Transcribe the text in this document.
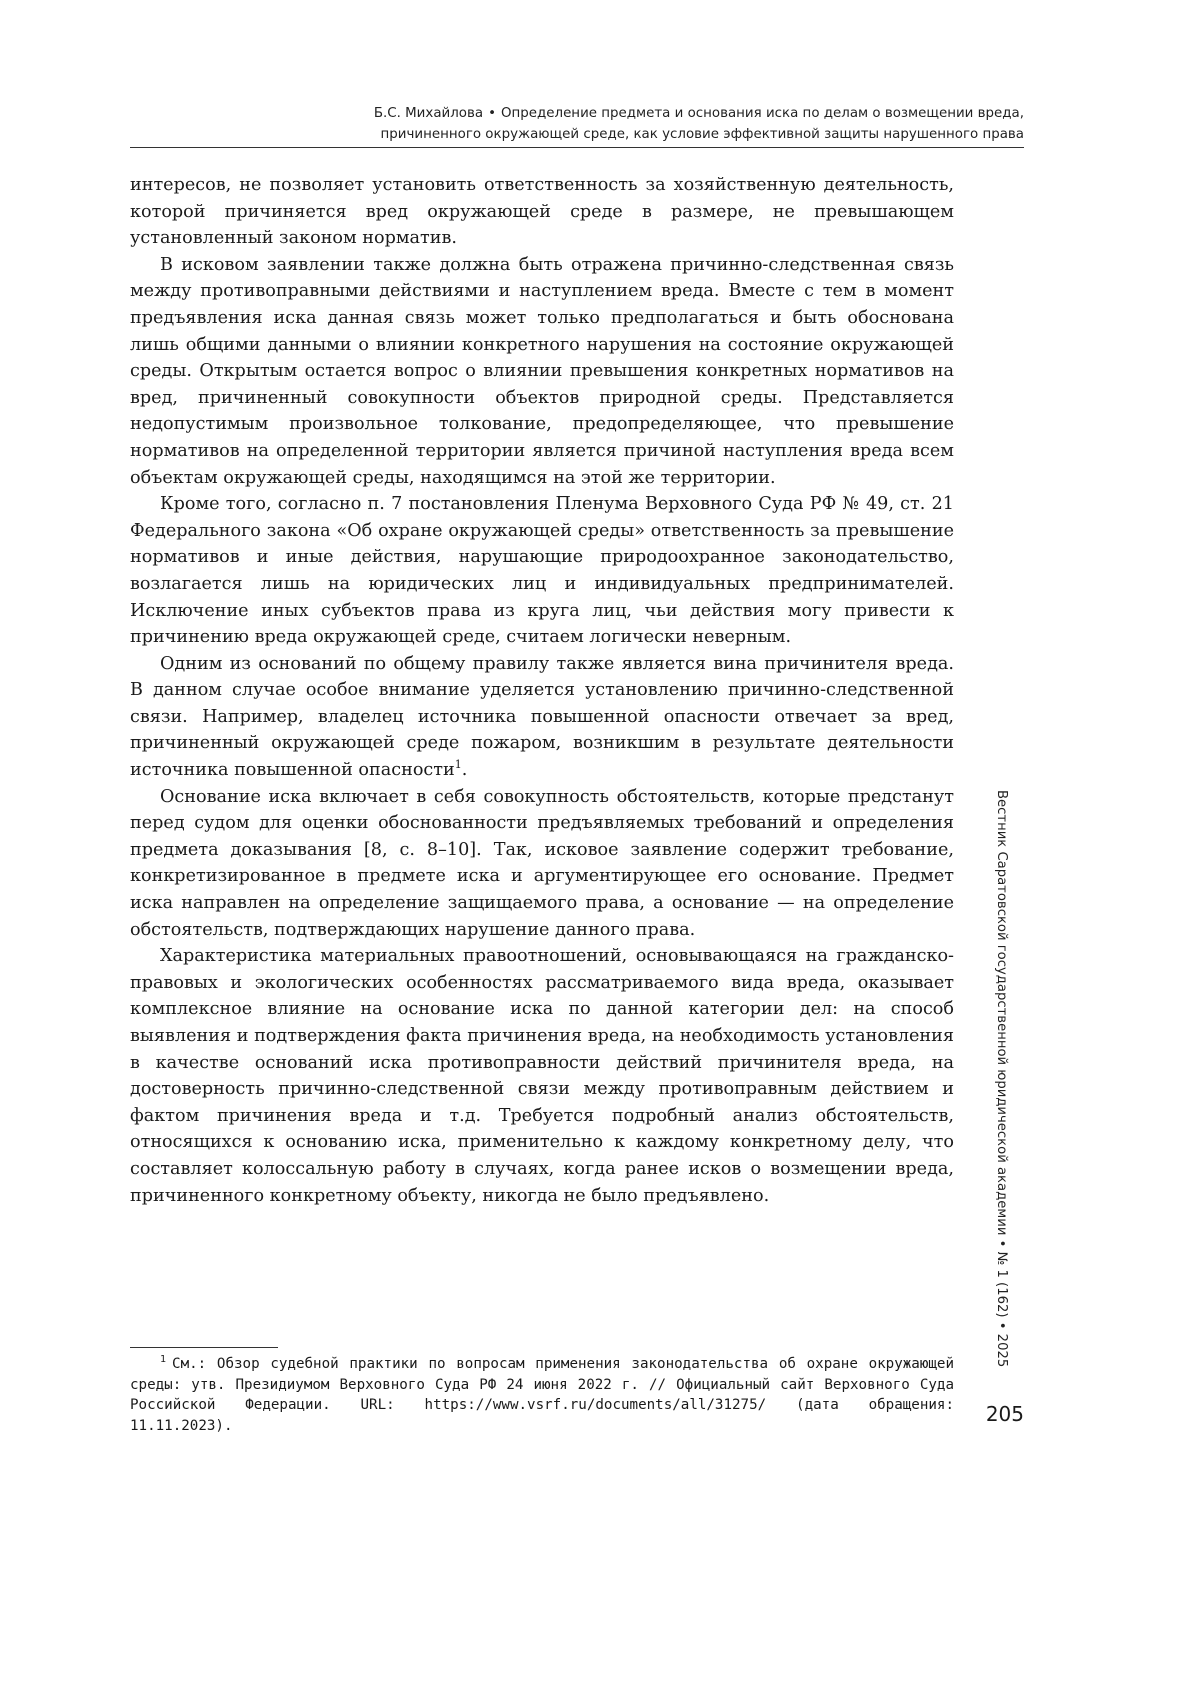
Б.С. Михайлова • Определение предмета и основания иска по делам о возмещении вреда,
причиненного окружающей среде, как условие эффективной защиты нарушенного права

интересов, не позволяет установить ответственность за хозяйственную деятельность, которой причиняется вред окружающей среде в размере, не превышающем установленный законом норматив.

В исковом заявлении также должна быть отражена причинно-следственная связь между противоправными действиями и наступлением вреда. Вместе с тем в момент предъявления иска данная связь может только предполагаться и быть обоснована лишь общими данными о влиянии конкретного нарушения на состояние окружающей среды. Открытым остается вопрос о влиянии превышения конкретных нормативов на вред, причиненный совокупности объектов природной среды. Представляется недопустимым произвольное толкование, предопределяющее, что превышение нормативов на определенной территории является причиной наступления вреда всем объектам окружающей среды, находящимся на этой же территории.

Кроме того, согласно п. 7 постановления Пленума Верховного Суда РФ № 49, ст. 21 Федерального закона «Об охране окружающей среды» ответственность за превышение нормативов и иные действия, нарушающие природоохранное законодательство, возлагается лишь на юридических лиц и индивидуальных предпринимателей. Исключение иных субъектов права из круга лиц, чьи действия могу привести к причинению вреда окружающей среде, считаем логически неверным.

Одним из оснований по общему правилу также является вина причинителя вреда. В данном случае особое внимание уделяется установлению причинно-следственной связи. Например, владелец источника повышенной опасности отвечает за вред, причиненный окружающей среде пожаром, возникшим в результате деятельности источника повышенной опасности$^1$.

Основание иска включает в себя совокупность обстоятельств, которые предстанут перед судом для оценки обоснованности предъявляемых требований и определения предмета доказывания [8, с. 8–10]. Так, исковое заявление содержит требование, конкретизированное в предмете иска и аргументирующее его основание. Предмет иска направлен на определение защищаемого права, а основание — на определение обстоятельств, подтверждающих нарушение данного права.

Характеристика материальных правоотношений, основывающаяся на гражданско-правовых и экологических особенностях рассматриваемого вида вреда, оказывает комплексное влияние на основание иска по данной категории дел: на способ выявления и подтверждения факта причинения вреда, на необходимость установления в качестве оснований иска противоправности действий причинителя вреда, на достоверность причинно-следственной связи между противоправным действием и фактом причинения вреда и т.д. Требуется подробный анализ обстоятельств, относящихся к основанию иска, применительно к каждому конкретному делу, что составляет колоссальную работу в случаях, когда ранее исков о возмещении вреда, причиненного конкретному объекту, никогда не было предъявлено.

$^1$ См.: Обзор судебной практики по вопросам применения законодательства об охране окружающей среды: утв. Президиумом Верховного Суда РФ 24 июня 2022 г. // Официальный сайт Верховного Суда Российской Федерации. URL: https://www.vsrf.ru/documents/all/31275/ (дата обращения: 11.11.2023).	205
Вестник Саратовской государственной юридической академии • № 1 (162) • 2025
